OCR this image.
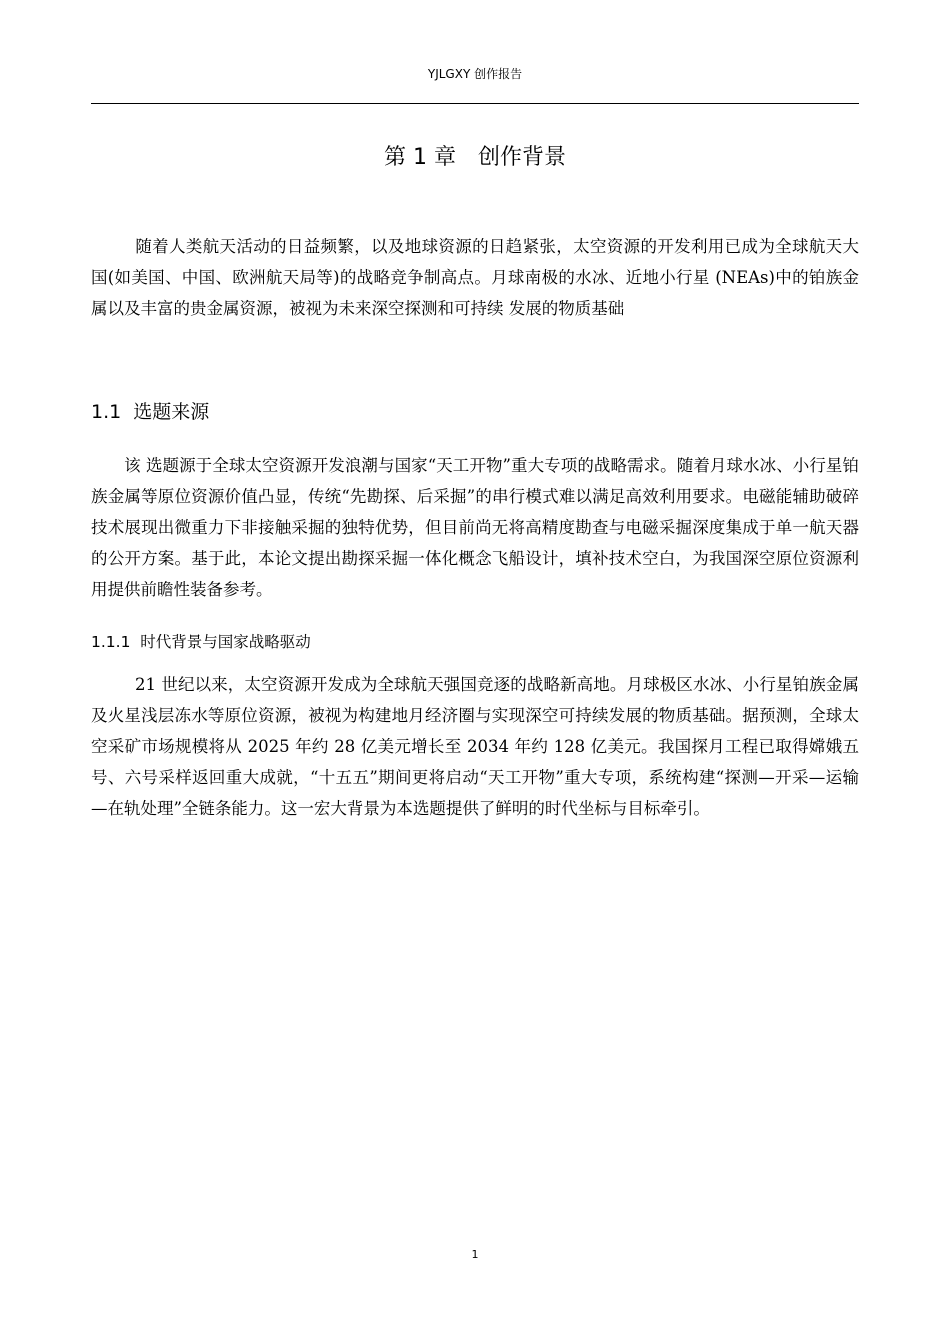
YJLGXY 创作报告
第 1 章　创作背景

随着人类航天活动的日益频繁，以及地球资源的日趋紧张，太空资源的开发利用已成为全球航天大国(如美国、中国、欧洲航天局等)的战略竞争制高点。月球南极的水冰、近地小行星 (NEAs)中的铂族金属以及丰富的贵金属资源，被视为未来深空探测和可持续 发展的物质基础

1.1  选题来源

该 选题源于全球太空资源开发浪潮与国家“天工开物”重大专项的战略需求。随着月球水冰、小行星铂族金属等原位资源价值凸显，传统“先勘探、后采掘”的串行模式难以满足高效利用要求。电磁能辅助破碎技术展现出微重力下非接触采掘的独特优势，但目前尚无将高精度勘查与电磁采掘深度集成于单一航天器的公开方案。基于此，本论文提出勘探采掘一体化概念飞船设计，填补技术空白，为我国深空原位资源利用提供前瞻性装备参考。

1.1.1  时代背景与国家战略驱动

21 世纪以来，太空资源开发成为全球航天强国竞逐的战略新高地。月球极区水冰、小行星铂族金属及火星浅层冻水等原位资源，被视为构建地月经济圈与实现深空可持续发展的物质基础。据预测，全球太空采矿市场规模将从 2025 年约 28 亿美元增长至 2034 年约 128 亿美元。我国探月工程已取得嫦娥五号、六号采样返回重大成就，“十五五”期间更将启动“天工开物”重大专项，系统构建“探测—开采—运输—在轨处理”全链条能力。这一宏大背景为本选题提供了鲜明的时代坐标与目标牵引。

1
